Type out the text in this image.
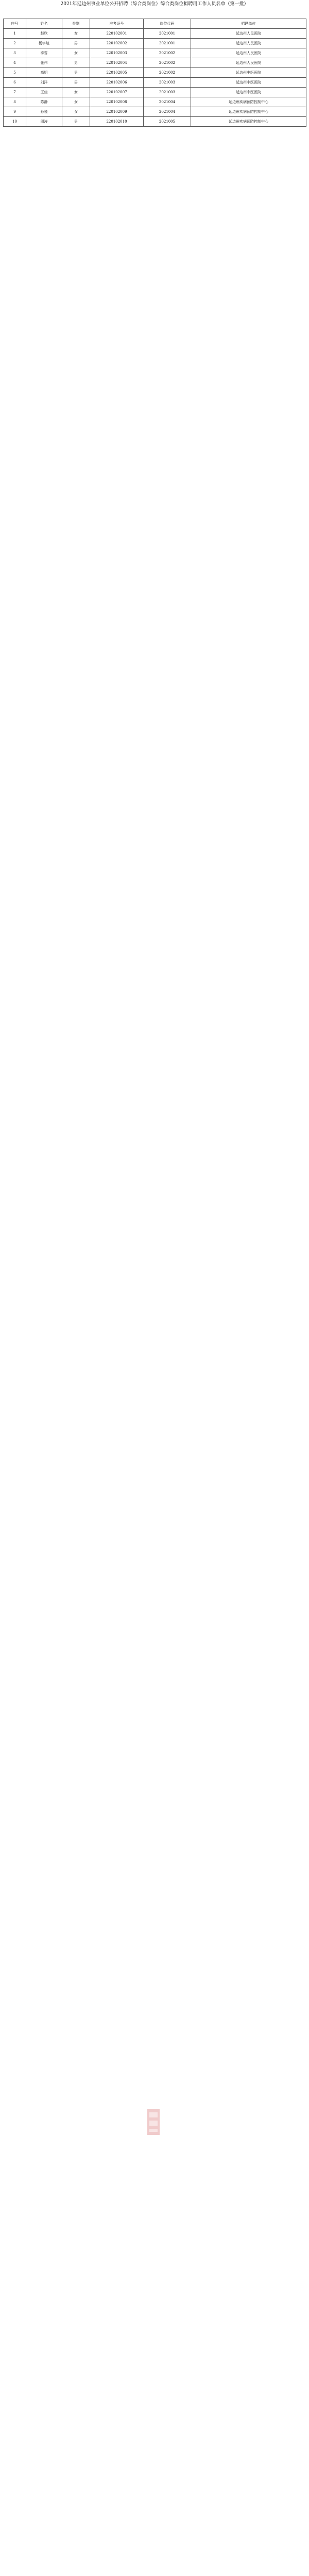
2021年延边州事业单位公开招聘（综合类岗位）综合类岗位拟聘用工作人员名单（第一批）
序号	姓名	性别	准考证号	岗位代码	招聘单位
1	赵欣	女	220102001	2021001	延边州人民医院
2	杨宇航	男	220102002	2021001	延边州人民医院
3	李雪	女	220102003	2021002	延边州人民医院
4	张伟	男	220102004	2021002	延边州人民医院
5	高明	男	220102005	2021002	延边州中医医院
6	刘洋	男	220102006	2021003	延边州中医医院
7	王佳	女	220102007	2021003	延边州中医医院
8	陈静	女	220102008	2021004	延边州疾病预防控制中心
9	孙悦	女	220102009	2021004	延边州疾病预防控制中心
10	周涛	男	220102010	2021005	延边州疾病预防控制中心
